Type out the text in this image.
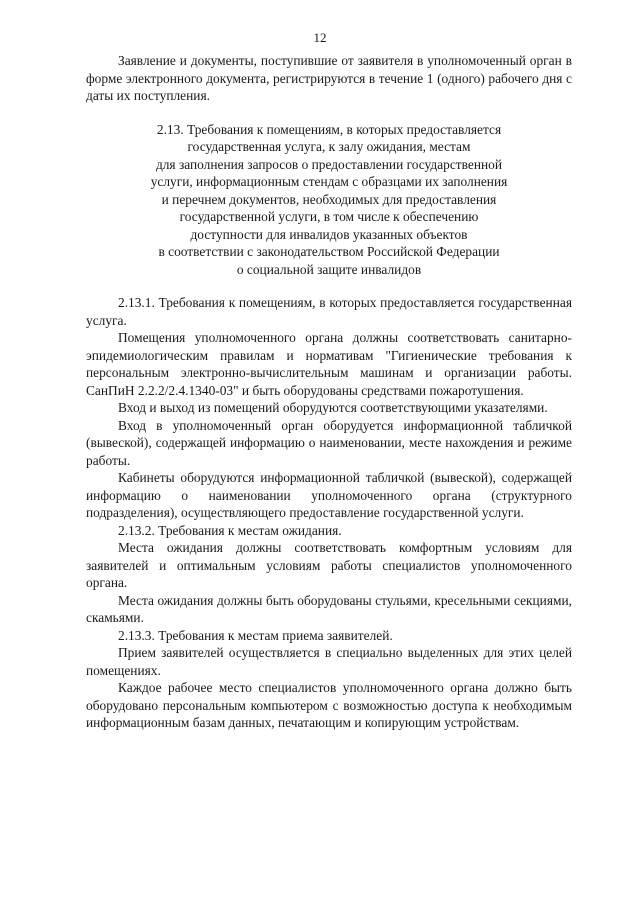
12

Заявление и документы, поступившие от заявителя в уполномоченный орган в форме электронного документа, регистрируются в течение 1 (одного) рабочего дня с даты их поступления.

2.13. Требования к помещениям, в которых предоставляется
государственная услуга, к залу ожидания, местам
для заполнения запросов о предоставлении государственной
услуги, информационным стендам с образцами их заполнения
и перечнем документов, необходимых для предоставления
государственной услуги, в том числе к обеспечению
доступности для инвалидов указанных объектов
в соответствии с законодательством Российской Федерации
о социальной защите инвалидов

2.13.1. Требования к помещениям, в которых предоставляется государственная услуга.

Помещения уполномоченного органа должны соответствовать санитарно-эпидемиологическим правилам и нормативам "Гигиенические требования к персональным электронно-вычислительным машинам и организации работы. СанПиН 2.2.2/2.4.1340-03" и быть оборудованы средствами пожаротушения.

Вход и выход из помещений оборудуются соответствующими указателями.

Вход в уполномоченный орган оборудуется информационной табличкой (вывеской), содержащей информацию о наименовании, месте нахождения и режиме работы.

Кабинеты оборудуются информационной табличкой (вывеской), содержащей информацию о наименовании уполномоченного органа (структурного подразделения), осуществляющего предоставление государственной услуги.

2.13.2. Требования к местам ожидания.

Места ожидания должны соответствовать комфортным условиям для заявителей и оптимальным условиям работы специалистов уполномоченного органа.

Места ожидания должны быть оборудованы стульями, кресельными секциями, скамьями.

2.13.3. Требования к местам приема заявителей.

Прием заявителей осуществляется в специально выделенных для этих целей помещениях.

Каждое рабочее место специалистов уполномоченного органа должно быть оборудовано персональным компьютером с возможностью доступа к необходимым информационным базам данных, печатающим и копирующим устройствам.
